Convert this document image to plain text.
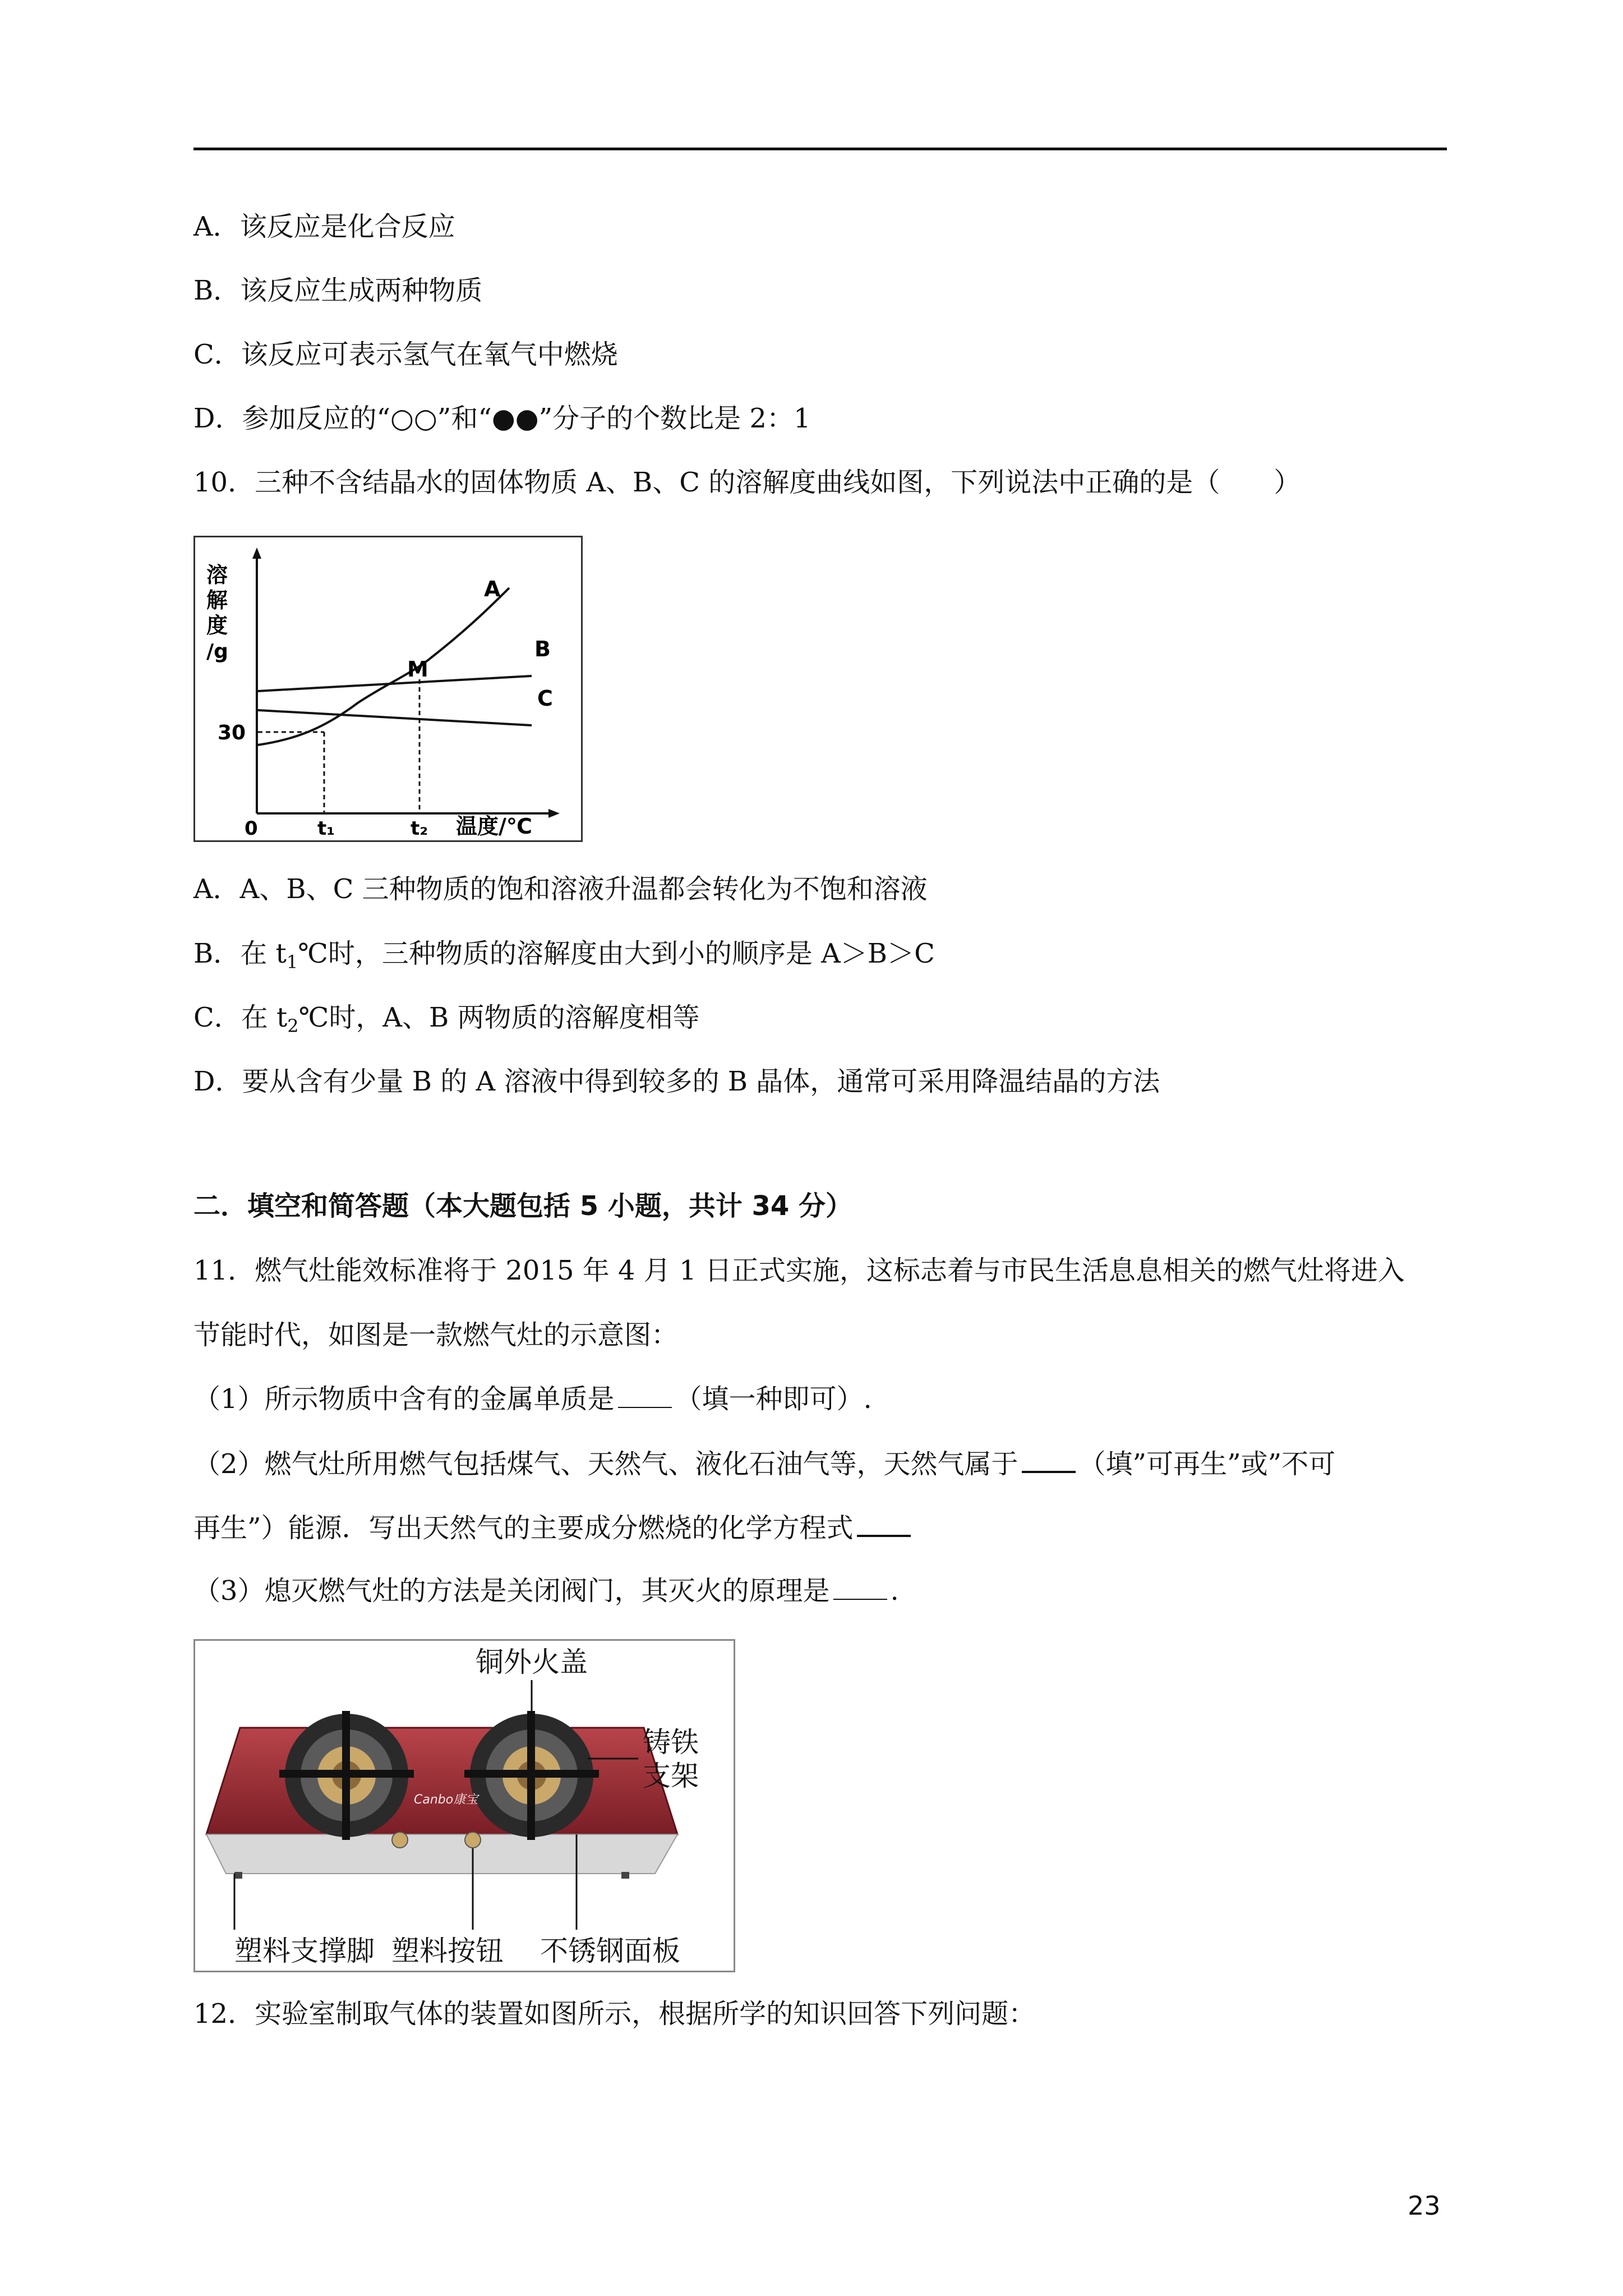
A．该反应是化合反应
B．该反应生成两种物质
C．该反应可表示氢气在氧气中燃烧
D．参加反应的“○○”和“●●”分子的个数比是 2：1
10．三种不含结晶水的固体物质 A、B、C 的溶解度曲线如图，下列说法中正确的是（　　）
溶
解
度
/g
30
0	t₁	t₂ 温度/℃
A
B
C
M
A．A、B、C 三种物质的饱和溶液升温都会转化为不饱和溶液
B．在 $t_1℃$时，三种物质的溶解度由大到小的顺序是 A＞B＞C
C．在 $t_2℃$时，A、B 两物质的溶解度相等
D．要从含有少量 B 的 A 溶液中得到较多的 B 晶体，通常可采用降温结晶的方法
二．填空和简答题（本大题包括 5 小题，共计 34 分）
11．燃气灶能效标准将于 2015 年 4 月 1 日正式实施，这标志着与市民生活息息相关的燃气灶将进入
节能时代，如图是一款燃气灶的示意图：
（1）所示物质中含有的金属单质是 （填一种即可）.
（2）燃气灶所用燃气包括煤气、天然气、液化石油气等，天然气属于 （填”可再生”或”不可
再生”）能源．写出天然气的主要成分燃烧的化学方程式
（3）熄灭燃气灶的方法是关闭阀门，其灭火的原理是 .
Canbo康宝
铜外火盖
铸铁
支架
塑料支撑脚 塑料按钮 不锈钢面板
12．实验室制取气体的装置如图所示，根据所学的知识回答下列问题：
23
